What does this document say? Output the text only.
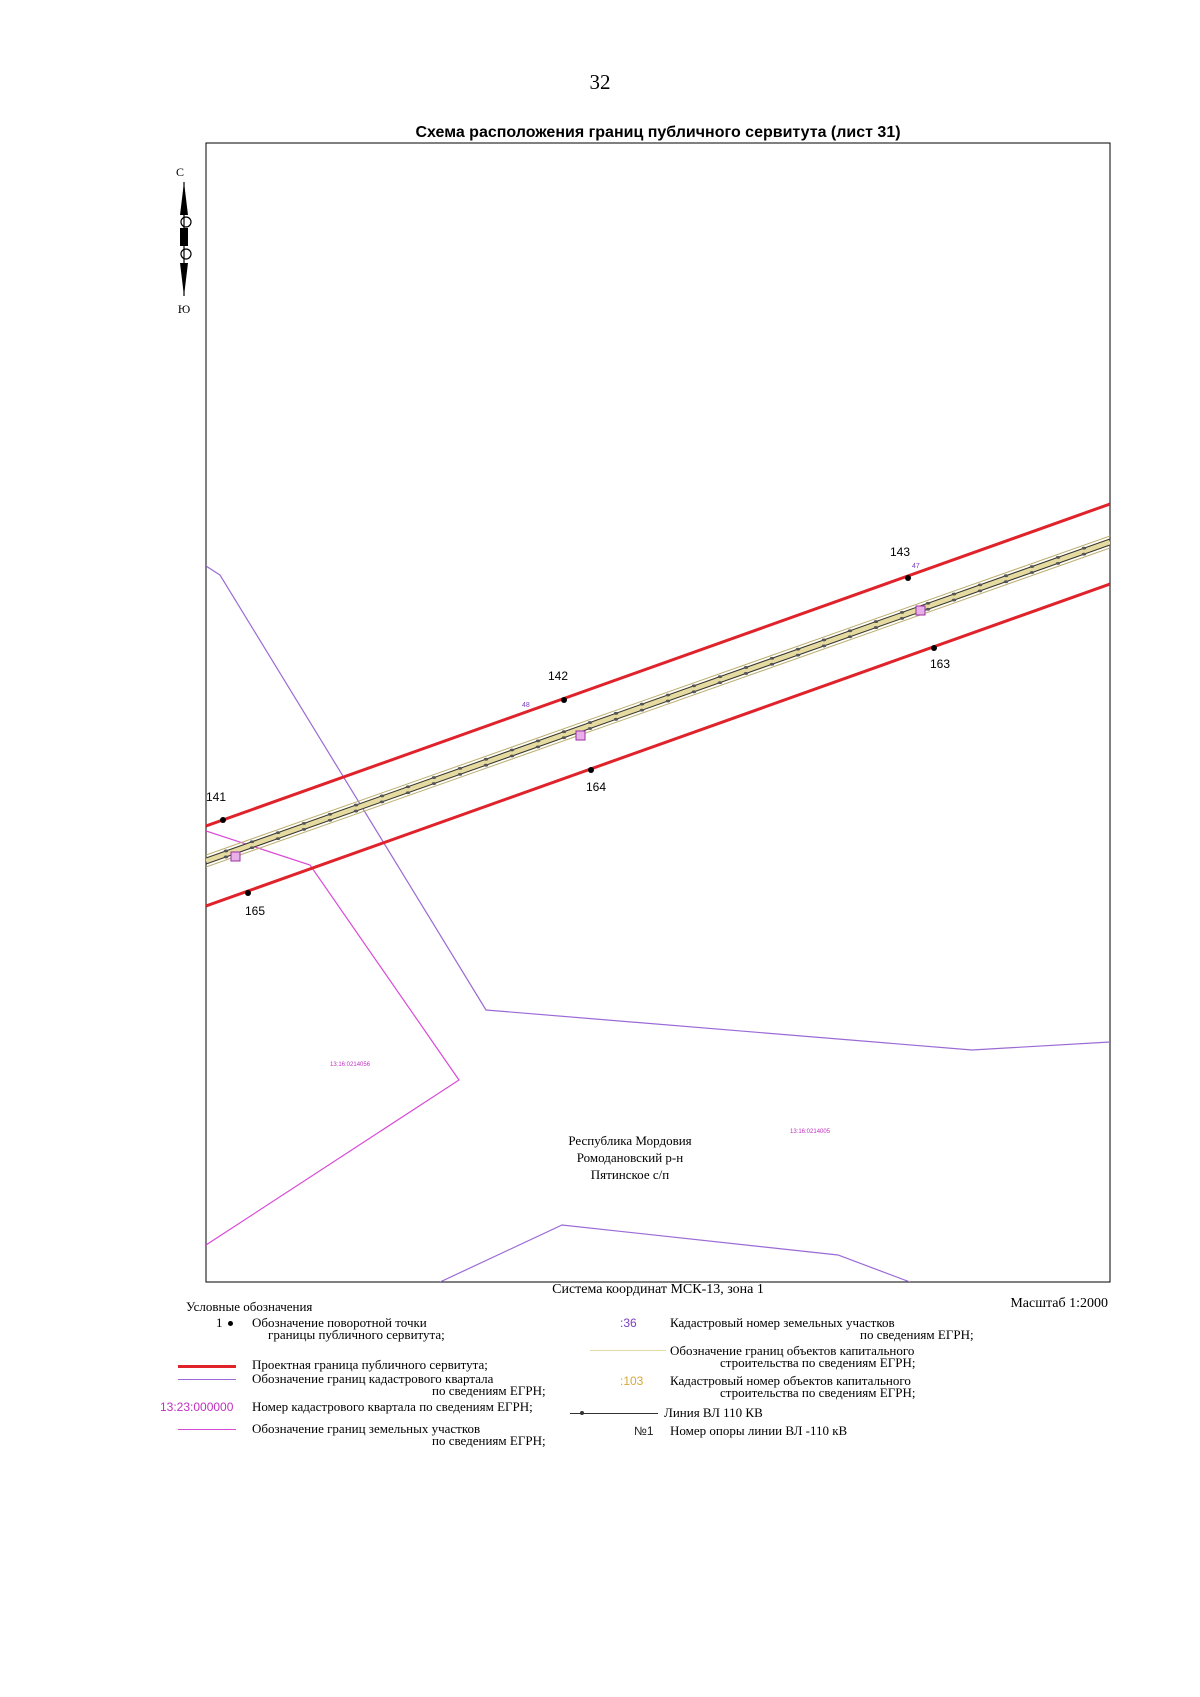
32
Схема расположения границ публичного сервитута (лист 31)
С
Ю
141
142
143
163
164
165
48
47
13:16:0214056
13:16:0214005
Республика Мордовия
Ромодановский р-н
Пятинское с/п
Система координат МСК-13, зона 1
Масштаб 1:2000
Условные обозначения
1 Обозначение поворотной точки
границы публичного сервитута;
Проектная граница публичного сервитута;
Обозначение границ кадастрового квартала
по сведениям ЕГРН;
13:23:000000 Номер кадастрового квартала по сведениям ЕГРН;
Обозначение границ земельных участков
по сведениям ЕГРН;
:36	Кадастровый номер земельных участков
по сведениям ЕГРН;
Обозначение границ объектов капитального
строительства по сведениям ЕГРН;
:103 Кадастровый номер объектов капитального
строительства по сведениям ЕГРН;
Линия ВЛ 110 КВ
№1 Номер опоры линии ВЛ -110 кВ
